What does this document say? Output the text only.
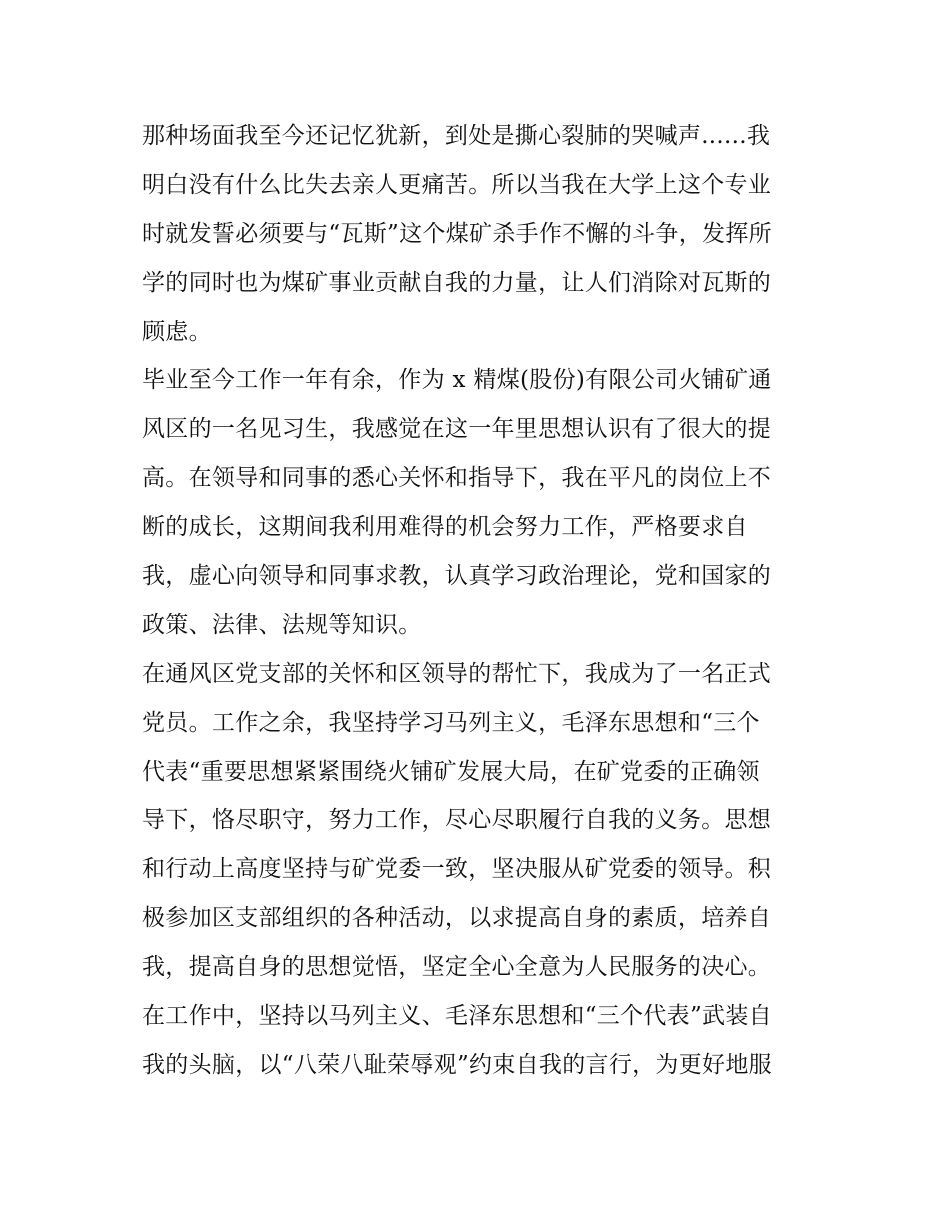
那种场面我至今还记忆犹新，到处是撕心裂肺的哭喊声......我
明白没有什么比失去亲人更痛苦。所以当我在大学上这个专业
时就发誓必须要与“瓦斯”这个煤矿杀手作不懈的斗争，发挥所
学的同时也为煤矿事业贡献自我的力量，让人们消除对瓦斯的
顾虑。
毕业至今工作一年有余，作为 x 精煤(股份)有限公司火铺矿通
风区的一名见习生，我感觉在这一年里思想认识有了很大的提
高。在领导和同事的悉心关怀和指导下，我在平凡的岗位上不
断的成长，这期间我利用难得的机会努力工作，严格要求自
我，虚心向领导和同事求教，认真学习政治理论，党和国家的
政策、法律、法规等知识。
在通风区党支部的关怀和区领导的帮忙下，我成为了一名正式
党员。工作之余，我坚持学习马列主义，毛泽东思想和“三个
代表“重要思想紧紧围绕火铺矿发展大局，在矿党委的正确领
导下，恪尽职守，努力工作，尽心尽职履行自我的义务。思想
和行动上高度坚持与矿党委一致，坚决服从矿党委的领导。积
极参加区支部组织的各种活动，以求提高自身的素质，培养自
我，提高自身的思想觉悟，坚定全心全意为人民服务的决心。
在工作中，坚持以马列主义、毛泽东思想和“三个代表”武装自
我的头脑，以“八荣八耻荣辱观”约束自我的言行，为更好地服
